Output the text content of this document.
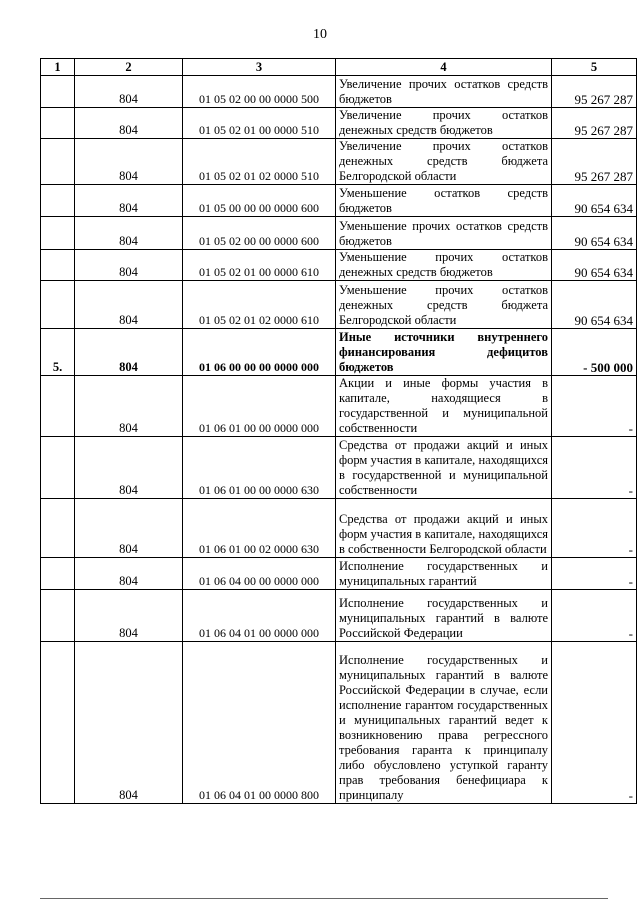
10
1	2	3	4	5
	804	01 05 02 00 00 0000 500	Увеличение прочих остатков средств бюджетов	95 267 287
	804	01 05 02 01 00 0000 510	Увеличение прочих остатков денежных средств бюджетов	95 267 287
	804	01 05 02 01 02 0000 510	Увеличение прочих остатков денежных средств бюджета Белгородской области	95 267 287
	804	01 05 00 00 00 0000 600	Уменьшение остатков средств бюджетов	90 654 634
	804	01 05 02 00 00 0000 600	Уменьшение прочих остатков средств бюджетов	90 654 634
	804	01 05 02 01 00 0000 610	Уменьшение прочих остатков денежных средств бюджетов	90 654 634
	804	01 05 02 01 02 0000 610	Уменьшение прочих остатков денежных средств бюджета Белгородской области	90 654 634
5.	804	01 06 00 00 00 0000 000	Иные источники внутреннего финансирования дефицитов бюджетов	- 500 000
	804	01 06 01 00 00 0000 000	Акции и иные формы участия в капитале, находящиеся в государственной и муниципальной собственности	-
	804	01 06 01 00 00 0000 630	Средства от продажи акций и иных форм участия в капитале, находящихся в государственной и муниципальной собственности	-
	804	01 06 01 00 02 0000 630	Средства от продажи акций и иных форм участия в капитале, находящихся в собственности Белгородской области	-
	804	01 06 04 00 00 0000 000	Исполнение государственных и муниципальных гарантий	-
	804	01 06 04 01 00 0000 000	Исполнение государственных и муниципальных гарантий в валюте Российской Федерации	-
	804	01 06 04 01 00 0000 800	Исполнение государственных и муниципальных гарантий в валюте Российской Федерации в случае, если исполнение гарантом государственных и муниципальных гарантий ведет к возникновению права регрессного требования гаранта к принципалу либо обусловлено уступкой гаранту прав требования бенефициара к принципалу	-
